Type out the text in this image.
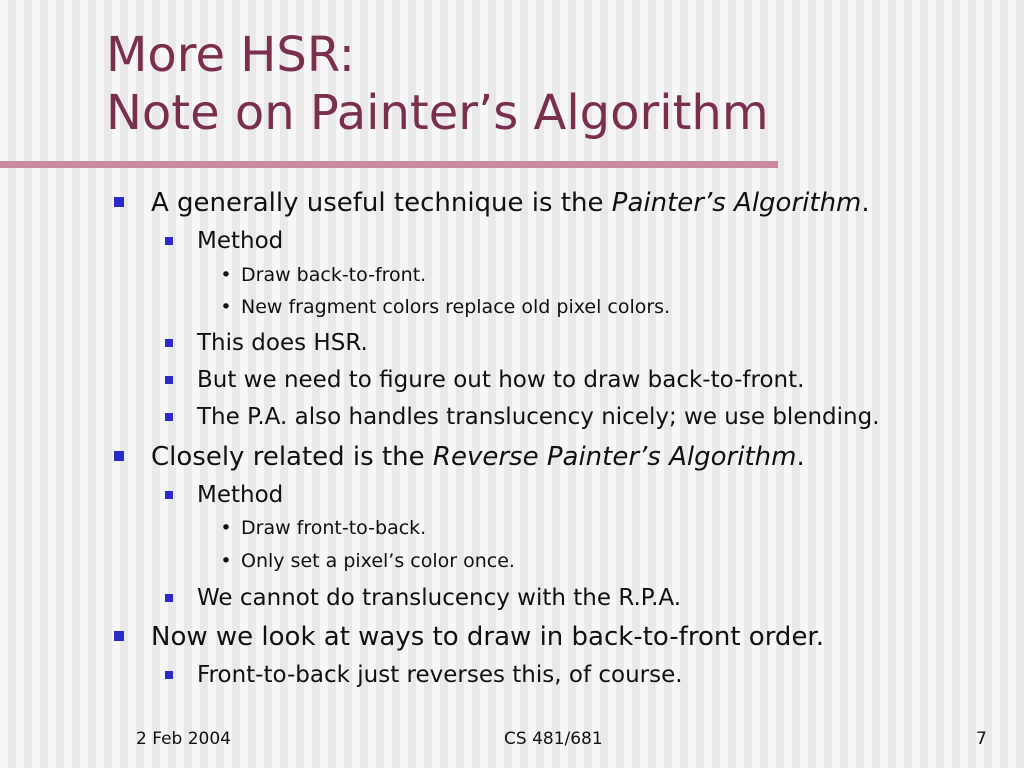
More HSR:
Note on Painter’s Algorithm
A generally useful technique is the Painter’s Algorithm.
Method
• Draw back-to-front.
• New fragment colors replace old pixel colors.
This does HSR.
But we need to figure out how to draw back-to-front.
The P.A. also handles translucency nicely; we use blending.
Closely related is the Reverse Painter’s Algorithm.
Method
• Draw front-to-back.
• Only set a pixel’s color once.
We cannot do translucency with the R.P.A.
Now we look at ways to draw in back-to-front order.
Front-to-back just reverses this, of course.
2 Feb 2004	CS 481/681	7
